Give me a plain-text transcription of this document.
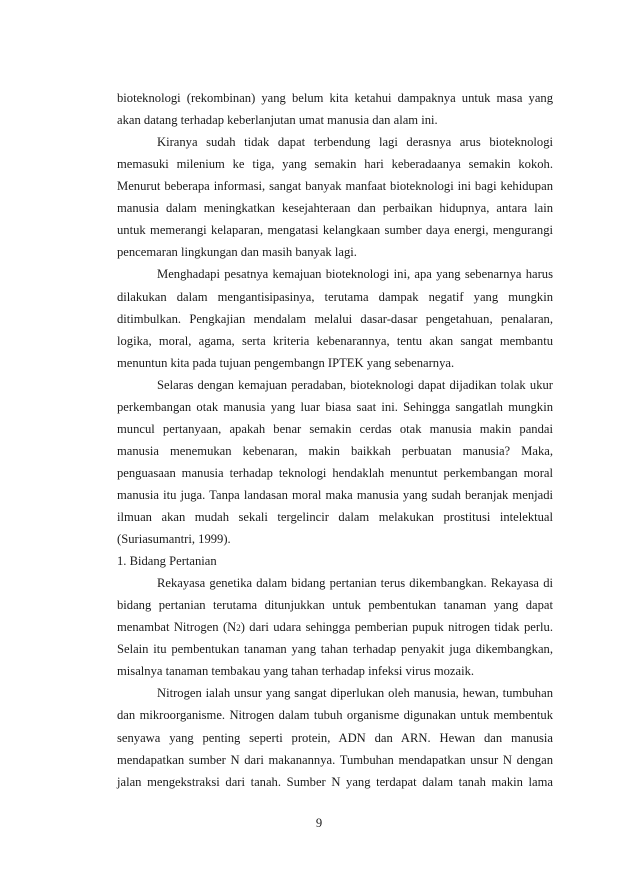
bioteknologi (rekombinan) yang belum kita ketahui dampaknya untuk masa yang
akan datang terhadap keberlanjutan umat manusia dan alam ini.
Kiranya sudah tidak dapat terbendung lagi derasnya arus bioteknologi
memasuki milenium ke tiga, yang semakin hari keberadaanya semakin kokoh.
Menurut beberapa informasi, sangat banyak manfaat bioteknologi ini bagi kehidupan
manusia dalam meningkatkan kesejahteraan dan perbaikan hidupnya, antara lain
untuk memerangi kelaparan, mengatasi kelangkaan sumber daya energi, mengurangi
pencemaran lingkungan dan masih banyak lagi.
Menghadapi pesatnya kemajuan bioteknologi ini, apa yang sebenarnya harus
dilakukan dalam mengantisipasinya, terutama dampak negatif yang mungkin
ditimbulkan. Pengkajian mendalam melalui dasar-dasar pengetahuan, penalaran,
logika, moral, agama, serta kriteria kebenarannya, tentu akan sangat membantu
menuntun kita pada tujuan pengembangn IPTEK yang sebenarnya.
Selaras dengan kemajuan peradaban, bioteknologi dapat dijadikan tolak ukur
perkembangan otak manusia yang luar biasa saat ini. Sehingga sangatlah mungkin
muncul pertanyaan, apakah benar semakin cerdas otak manusia makin pandai
manusia menemukan kebenaran, makin baikkah perbuatan manusia? Maka,
penguasaan manusia terhadap teknologi hendaklah menuntut perkembangan moral
manusia itu juga. Tanpa landasan moral maka manusia yang sudah beranjak menjadi
ilmuan akan mudah sekali tergelincir dalam melakukan prostitusi intelektual
(Suriasumantri, 1999).
1. Bidang Pertanian
Rekayasa genetika dalam bidang pertanian terus dikembangkan. Rekayasa di
bidang pertanian terutama ditunjukkan untuk pembentukan tanaman yang dapat
menambat Nitrogen (N2) dari udara sehingga pemberian pupuk nitrogen tidak perlu.
Selain itu pembentukan tanaman yang tahan terhadap penyakit juga dikembangkan,
misalnya tanaman tembakau yang tahan terhadap infeksi virus mozaik.
Nitrogen ialah unsur yang sangat diperlukan oleh manusia, hewan, tumbuhan
dan mikroorganisme. Nitrogen dalam tubuh organisme digunakan untuk membentuk
senyawa yang penting seperti protein, ADN dan ARN. Hewan dan manusia
mendapatkan sumber N dari makanannya. Tumbuhan mendapatkan unsur N dengan
jalan mengekstraksi dari tanah. Sumber N yang terdapat dalam tanah makin lama
9
